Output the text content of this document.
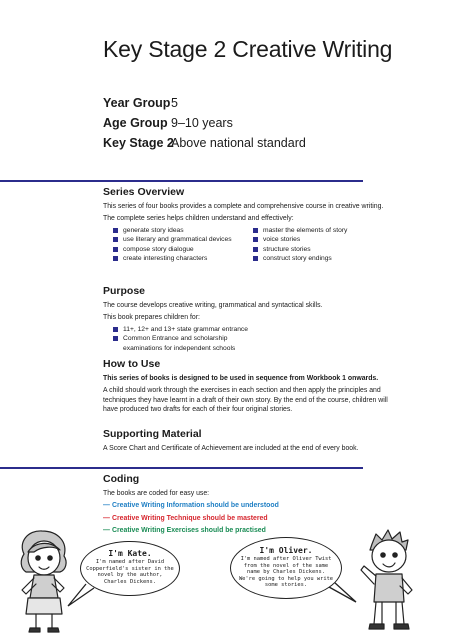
Key Stage 2 Creative Writing
Year Group5
Age Group 9–10 years
Key Stage 2Above national standard
Series Overview

This series of four books provides a complete and comprehensive course in creative writing.

The complete series helps children understand and effectively:

generate story ideas
use literary and grammatical devices
compose story dialogue
create interesting characters
master the elements of story
voice stories
structure stories
construct story endings
Purpose

The course develops creative writing, grammatical and syntactical skills.

This book prepares children for:

11+, 12+ and 13+ state grammar entrance
Common Entrance and scholarship examinations for independent schools
How to Use

This series of books is designed to be used in sequence from Workbook 1 onwards.

A child should work through the exercises in each section and then apply the principles and techniques they have learnt in a draft of their own story. By the end of the course, children will have produced two drafts for each of their four original stories.

Supporting Material

A Score Chart and Certificate of Achievement are included at the end of every book.

Coding

The books are coded for easy use:

— Creative Writing Information should be understood
— Creative Writing Technique should be mastered
— Creative Writing Exercises should be practised
I'm Kate.
I'm named after David
Copperfield's sister in the
novel by the author,
Charles Dickens.
I'm Oliver.
I'm named after Oliver Twist
from the novel of the same
name by Charles Dickens.
We're going to help you write
some stories.
